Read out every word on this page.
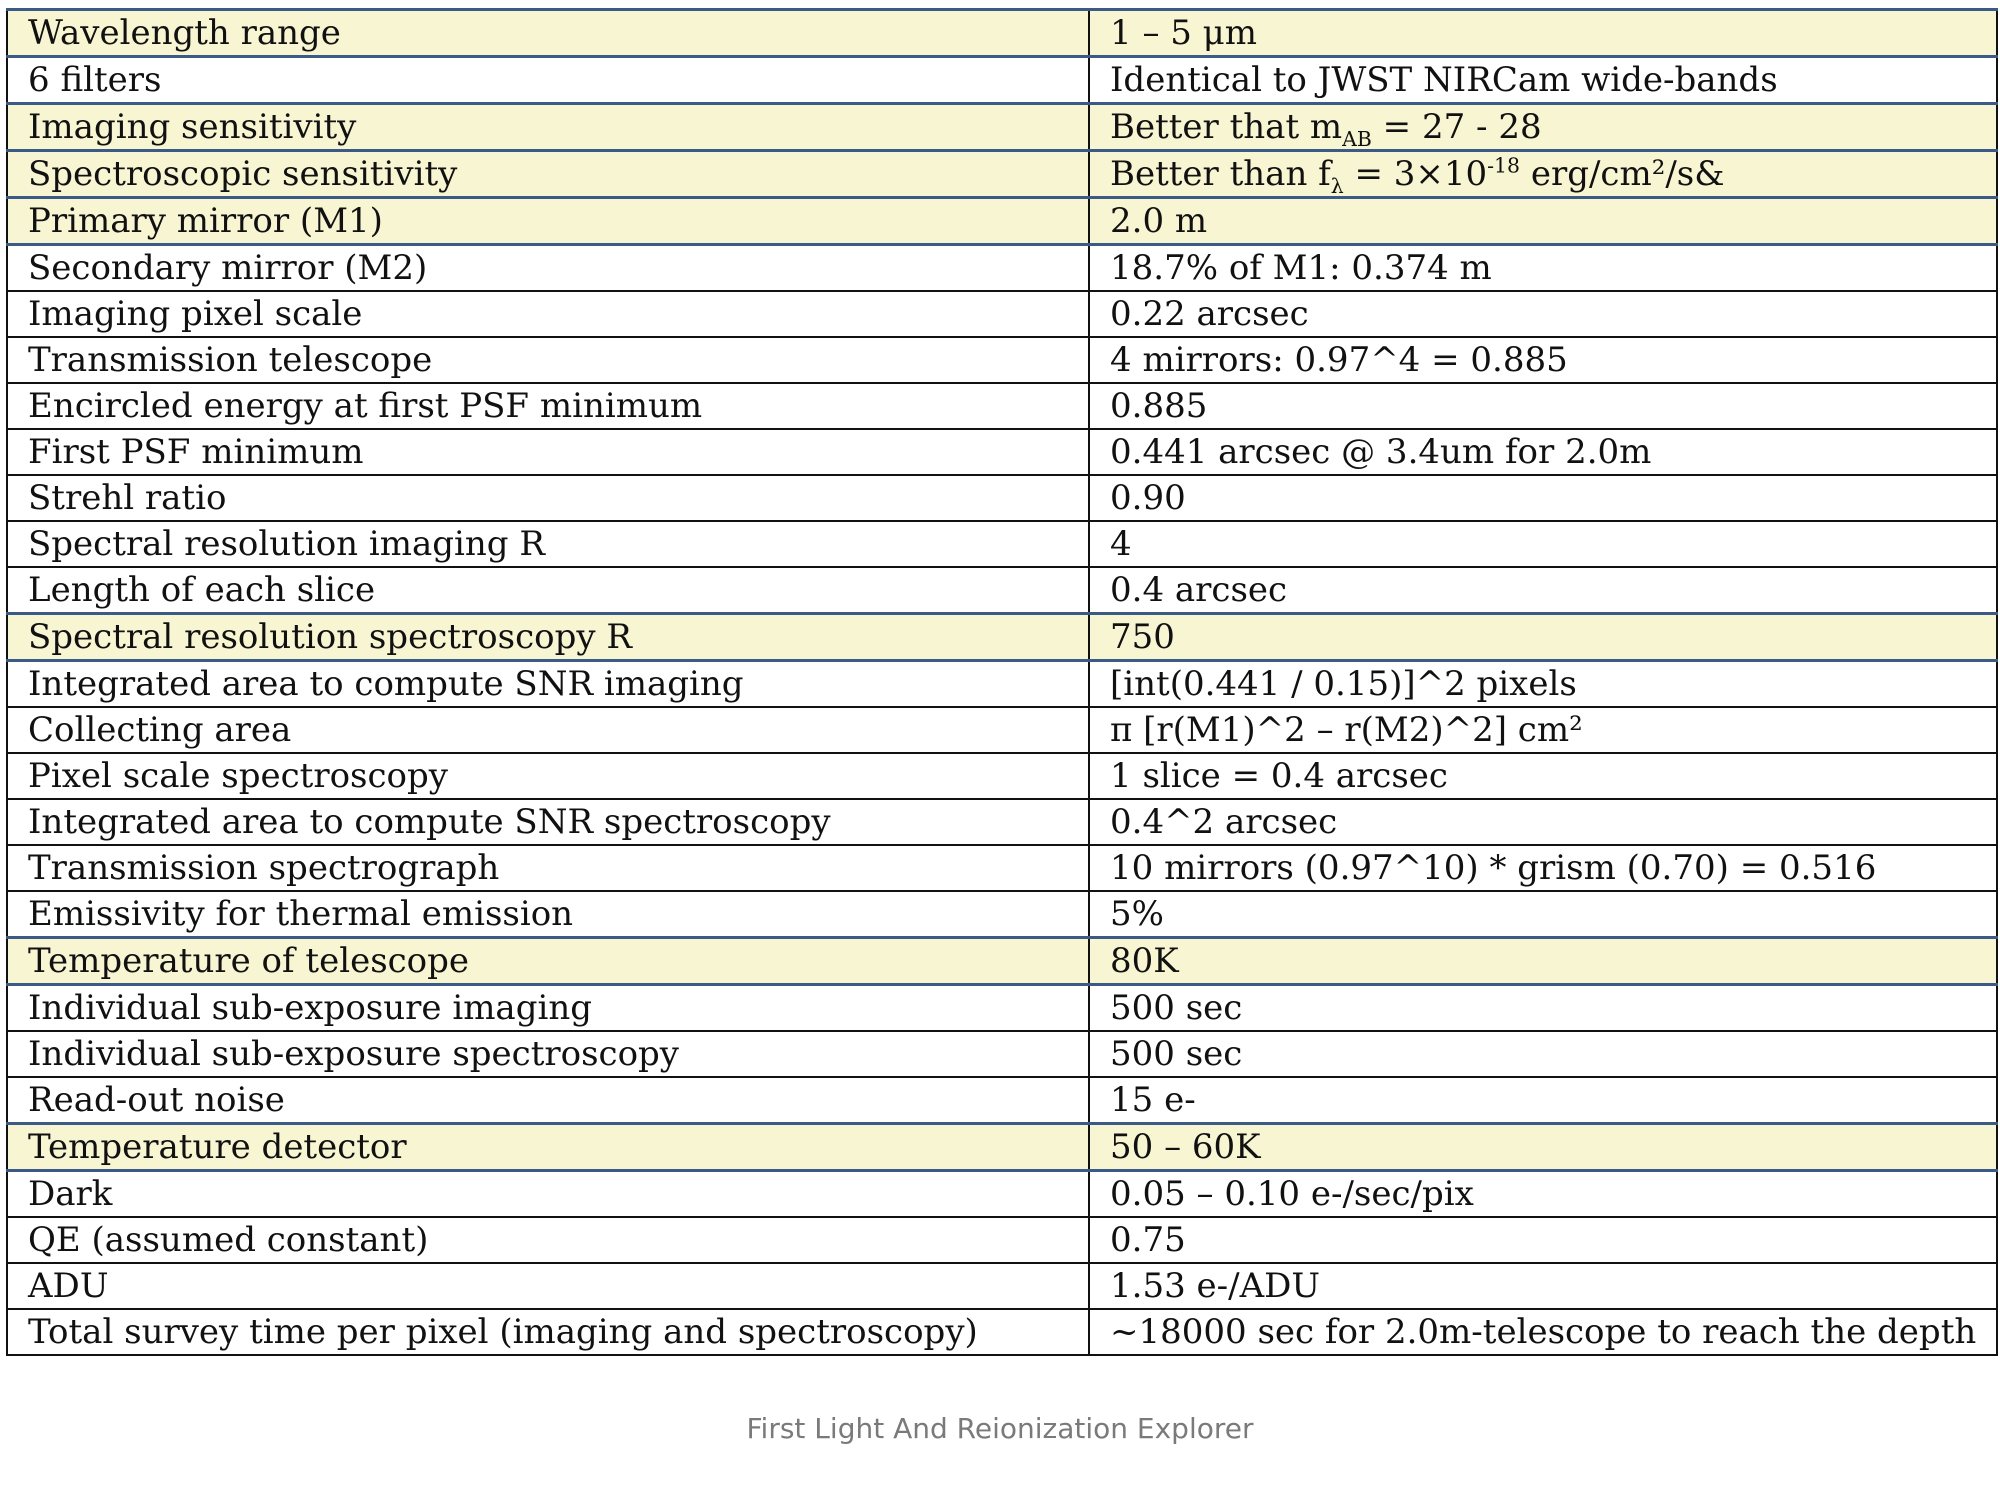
Wavelength range	1 – 5 μm
6 filters	Identical to JWST NIRCam wide-bands
Imaging sensitivity	Better that $m_{AB} = 27 - 28$
Spectroscopic sensitivity	Better than $f_\lambda = 3\times 10^{-18}$ erg/cm²/s&
Primary mirror (M1)	2.0 m
Secondary mirror (M2)	18.7% of M1: 0.374 m
Imaging pixel scale	0.22 arcsec
Transmission telescope	4 mirrors: 0.97^4 = 0.885
Encircled energy at first PSF minimum	0.885
First PSF minimum	0.441 arcsec @ 3.4um for 2.0m
Strehl ratio	0.90
Spectral resolution imaging R	4
Length of each slice	0.4 arcsec
Spectral resolution spectroscopy R	750
Integrated area to compute SNR imaging	[int(0.441 / 0.15)]^2 pixels
Collecting area	π [r(M1)^2 – r(M2)^2] cm²
Pixel scale spectroscopy	1 slice = 0.4 arcsec
Integrated area to compute SNR spectroscopy	0.4^2 arcsec
Transmission spectrograph	10 mirrors (0.97^10) * grism (0.70) = 0.516
Emissivity for thermal emission	5%
Temperature of telescope	80K
Individual sub-exposure imaging	500 sec
Individual sub-exposure spectroscopy	500 sec
Read-out noise	15 e-
Temperature detector	50 – 60K
Dark	0.05 – 0.10 e-/sec/pix
QE (assumed constant)	0.75
ADU	1.53 e-/ADU
Total survey time per pixel (imaging and spectroscopy)	~18000 sec for 2.0m-telescope to reach the depth
First Light And Reionization Explorer
